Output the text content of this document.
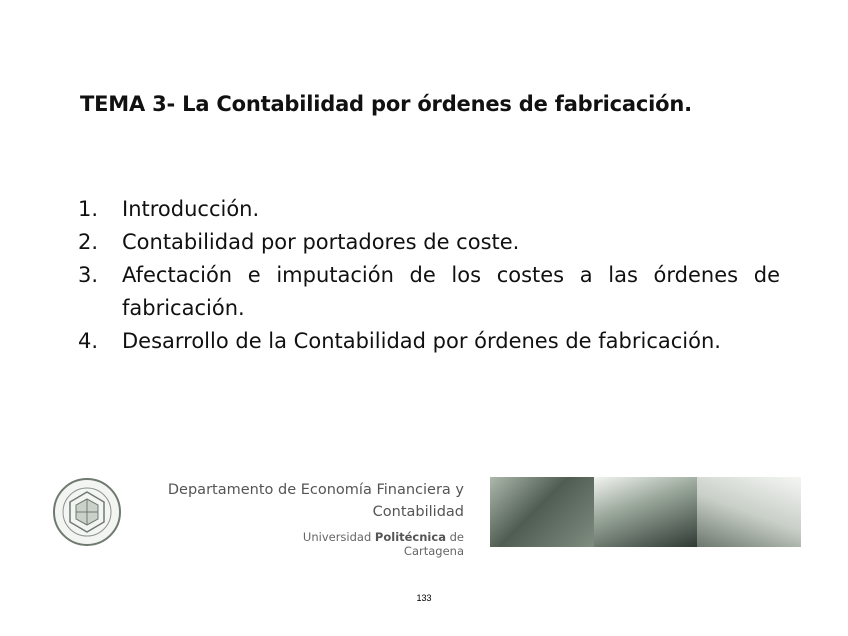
TEMA 3- La Contabilidad por órdenes de fabricación.
1.	Introducción.
2.	Contabilidad por portadores de coste.
3.	Afectación e imputación de los costes a las órdenes de fabricación.
4.	Desarrollo de la Contabilidad por órdenes de fabricación.
Departamento de Economía Financiera y
Contabilidad
Universidad Politécnica de Cartagena
133
